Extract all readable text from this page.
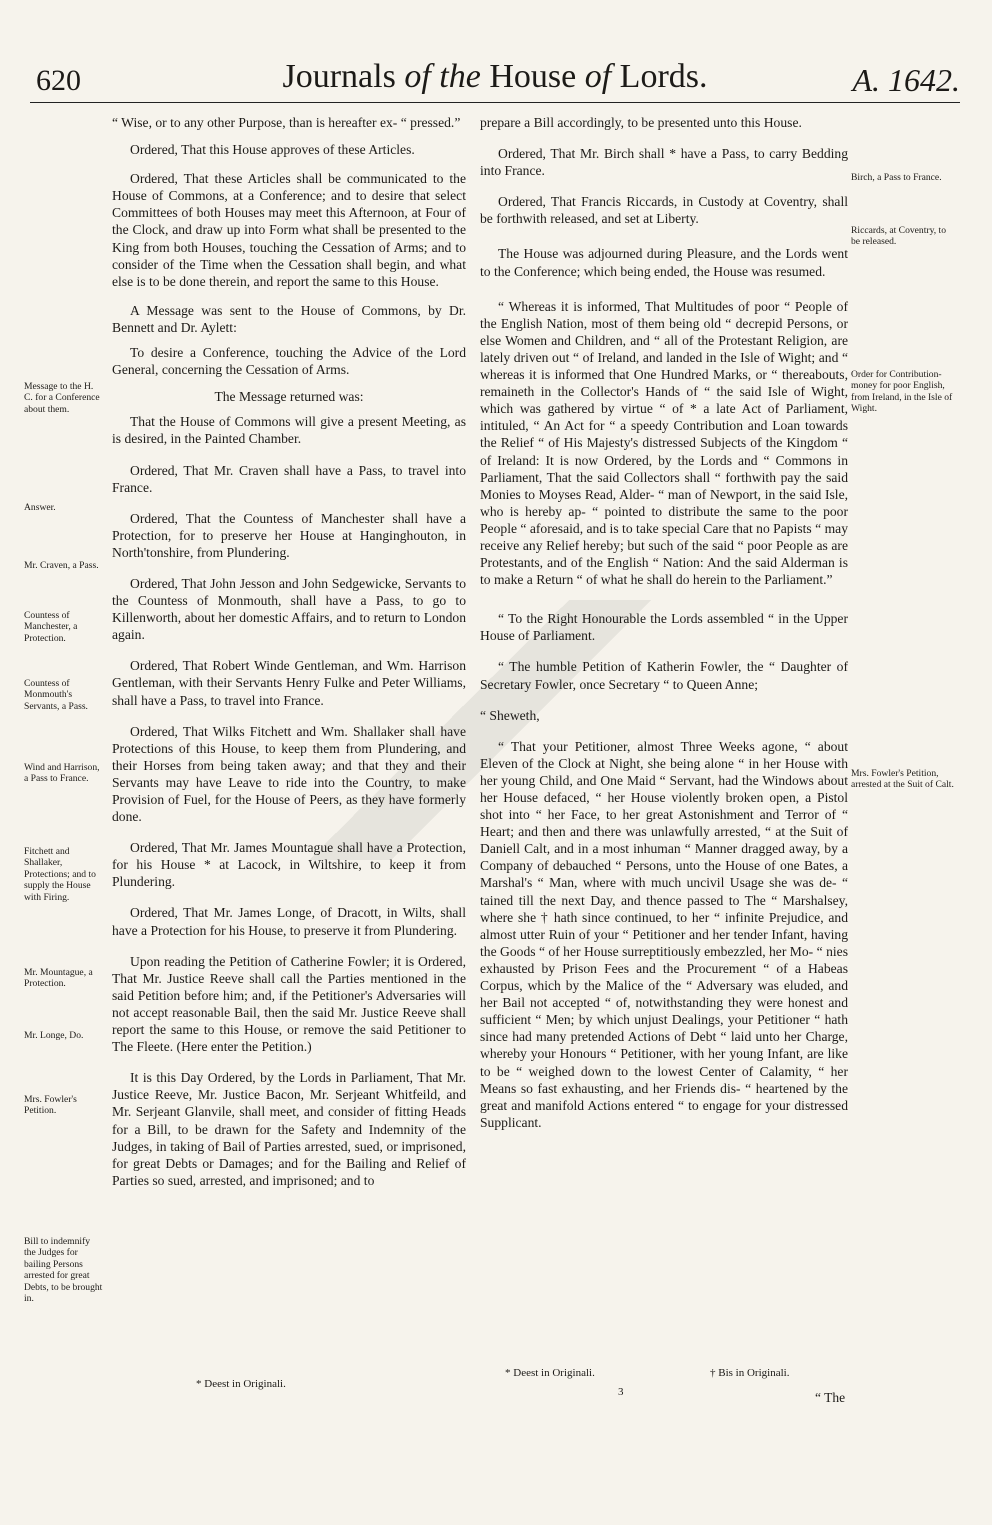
620	Journals of the House of Lords.	A. 1642.

“ Wise, or to any other Purpose, than is hereafter ex- “ pressed.”

Ordered, That this House approves of these Articles.

Ordered, That these Articles shall be communicated to the House of Commons, at a Conference; and to desire that select Committees of both Houses may meet this Afternoon, at Four of the Clock, and draw up into Form what shall be presented to the King from both Houses, touching the Cessation of Arms; and to consider of the Time when the Cessation shall begin, and what else is to be done therein, and report the same to this House.

A Message was sent to the House of Commons, by Dr. Bennett and Dr. Aylett:

To desire a Conference, touching the Advice of the Lord General, concerning the Cessation of Arms.

The Message returned was:

That the House of Commons will give a present Meeting, as is desired, in the Painted Chamber.

Ordered, That Mr. Craven shall have a Pass, to travel into France.

Ordered, That the Countess of Manchester shall have a Protection, for to preserve her House at Hanginghouton, in North'tonshire, from Plundering.

Ordered, That John Jesson and John Sedgewicke, Servants to the Countess of Monmouth, shall have a Pass, to go to Killenworth, about her domestic Affairs, and to return to London again.

Ordered, That Robert Winde Gentleman, and Wm. Harrison Gentleman, with their Servants Henry Fulke and Peter Williams, shall have a Pass, to travel into France.

Ordered, That Wilks Fitchett and Wm. Shallaker shall have Protections of this House, to keep them from Plundering, and their Horses from being taken away; and that they and their Servants may have Leave to ride into the Country, to make Provision of Fuel, for the House of Peers, as they have formerly done.

Ordered, That Mr. James Mountague shall have a Protection, for his House * at Lacock, in Wiltshire, to keep it from Plundering.

Ordered, That Mr. James Longe, of Dracott, in Wilts, shall have a Protection for his House, to preserve it from Plundering.

Upon reading the Petition of Catherine Fowler; it is Ordered, That Mr. Justice Reeve shall call the Parties mentioned in the said Petition before him; and, if the Petitioner's Adversaries will not accept reasonable Bail, then the said Mr. Justice Reeve shall report the same to this House, or remove the said Petitioner to The Fleete. (Here enter the Petition.)

It is this Day Ordered, by the Lords in Parliament, That Mr. Justice Reeve, Mr. Justice Bacon, Mr. Serjeant Whitfeild, and Mr. Serjeant Glanvile, shall meet, and consider of fitting Heads for a Bill, to be drawn for the Safety and Indemnity of the Judges, in taking of Bail of Parties arrested, sued, or imprisoned, for great Debts or Damages; and for the Bailing and Relief of Parties so sued, arrested, and imprisoned; and to

Message to the H. C. for a Conference about them.
Answer.
Mr. Craven, a Pass.
Countess of Manchester, a Protection.
Countess of Monmouth's Servants, a Pass.
Wind and Harrison, a Pass to France.
Fitchett and Shallaker, Protections; and to supply the House with Firing.
Mr. Mountague, a Protection.
Mr. Longe, Do.
Mrs. Fowler's Petition.
Bill to indemnify the Judges for bailing Persons arrested for great Debts, to be brought in.

prepare a Bill accordingly, to be presented unto this House.

Ordered, That Mr. Birch shall * have a Pass, to carry Bedding into France.

Ordered, That Francis Riccards, in Custody at Coventry, shall be forthwith released, and set at Liberty.

The House was adjourned during Pleasure, and the Lords went to the Conference; which being ended, the House was resumed.

“ Whereas it is informed, That Multitudes of poor “ People of the English Nation, most of them being old “ decrepid Persons, or else Women and Children, and “ all of the Protestant Religion, are lately driven out “ of Ireland, and landed in the Isle of Wight; and “ whereas it is informed that One Hundred Marks, or “ thereabouts, remaineth in the Collector's Hands of “ the said Isle of Wight, which was gathered by virtue “ of * a late Act of Parliament, intituled, “ An Act for “ a speedy Contribution and Loan towards the Relief “ of His Majesty's distressed Subjects of the Kingdom “ of Ireland: It is now Ordered, by the Lords and “ Commons in Parliament, That the said Collectors shall “ forthwith pay the said Monies to Moyses Read, Alder- “ man of Newport, in the said Isle, who is hereby ap- “ pointed to distribute the same to the poor People “ aforesaid, and is to take special Care that no Papists “ may receive any Relief hereby; but such of the said “ poor People as are Protestants, and of the English “ Nation: And the said Alderman is to make a Return “ of what he shall do herein to the Parliament.”

“ To the Right Honourable the Lords assembled “ in the Upper House of Parliament.

“ The humble Petition of Katherin Fowler, the “ Daughter of Secretary Fowler, once Secretary “ to Queen Anne;

“ Sheweth,

“ That your Petitioner, almost Three Weeks agone, “ about Eleven of the Clock at Night, she being alone “ in her House with her young Child, and One Maid “ Servant, had the Windows about her House defaced, “ her House violently broken open, a Pistol shot into “ her Face, to her great Astonishment and Terror of “ Heart; and then and there was unlawfully arrested, “ at the Suit of Daniell Calt, and in a most inhuman “ Manner dragged away, by a Company of debauched “ Persons, unto the House of one Bates, a Marshal's “ Man, where with much uncivil Usage she was de- “ tained till the next Day, and thence passed to The “ Marshalsey, where she † hath since continued, to her “ infinite Prejudice, and almost utter Ruin of your “ Petitioner and her tender Infant, having the Goods “ of her House surreptitiously embezzled, her Mo- “ nies exhausted by Prison Fees and the Procurement “ of a Habeas Corpus, which by the Malice of the “ Adversary was eluded, and her Bail not accepted “ of, notwithstanding they were honest and sufficient “ Men; by which unjust Dealings, your Petitioner “ hath since had many pretended Actions of Debt “ laid unto her Charge, whereby your Honours “ Petitioner, with her young Infant, are like to be “ weighed down to the lowest Center of Calamity, “ her Means so fast exhausting, and her Friends dis- “ heartened by the great and manifold Actions entered “ to engage for your distressed Supplicant.

Birch, a Pass to France.
Riccards, at Coventry, to be released.
Order for Contribution-money for poor English, from Ireland, in the Isle of Wight.
Mrs. Fowler's Petition, arrested at the Suit of Calt.
* Deest in Originali.
* Deest in Originali.	† Bis in Originali.
3	“ The
